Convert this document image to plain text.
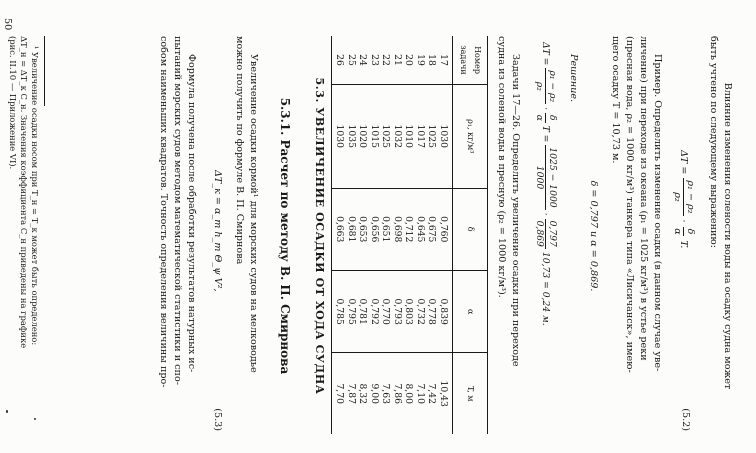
Влияние изменения солености воды на осадку судна может
быть учтено по следующему выражению:
ΔT =
ρ₁ − ρ₂
ρ₂
·
δ
α
T.
(5.2)
Пример. Определить изменение осадки (в данном случае уве-
личение) при переходе из океана (ρ₁ = 1025 кг/м³) в устье реки
(пресная вода, ρ₂ = 1000 кг/м³) танкера типа «Лисичанск», имею-
щего осадку T = 10,73 м.
δ = 0,797 и α = 0,869.
Решение.
ΔT =
ρ₁ − ρ₂
ρ₂
·
δ
α
T =
1025 − 1000
1000
·
0,797
0,869
10,73 = 0,24 м.
Задачи 17—26. Определить увеличение осадки при переходе
судна из соленой воды в пресную (ρ₂ = 1000 кг/м³).
Номер задачи	ρ₁, кг/м³	δ	α	T, м
17	1030	0,760	0,839	10,43
18	1025	0,675	0,778	7,42
19	1017	0,645	0,732	7,10
20	1010	0,712	0,803	8,00
21	1032	0,698	0,793	7,86
22	1025	0,651	0,770	7,63
23	1015	0,656	0,792	9,00
24	1020	0,653	0,781	8,32
25	1035	0,681	0,795	7,87
26	1030	0,663	0,785	7,70
5.3. УВЕЛИЧЕНИЕ ОСАДКИ ОТ ХОДА СУДНА
5.3.1. Расчет по методу В. П. Смирнова
Увеличение осадки кормой¹ для морских судов на мелководье
можно получить по формуле В. П. Смирнова
ΔT_к = α_т h_т Θ_ψ V²,
(5.3)
Формула получена после обработки результатов натурных ис-
пытаний морских судов методом математической статистики и спо-
собом наименьших квадратов. Точность определения величины про-
¹ Увеличение осадки носом при T_н = T_к может быть определено:
ΔT_н = ΔT_к C_н. Значения коэффициента C_н приведены на графике
(рис. II.10 — Приложение VI).
50
